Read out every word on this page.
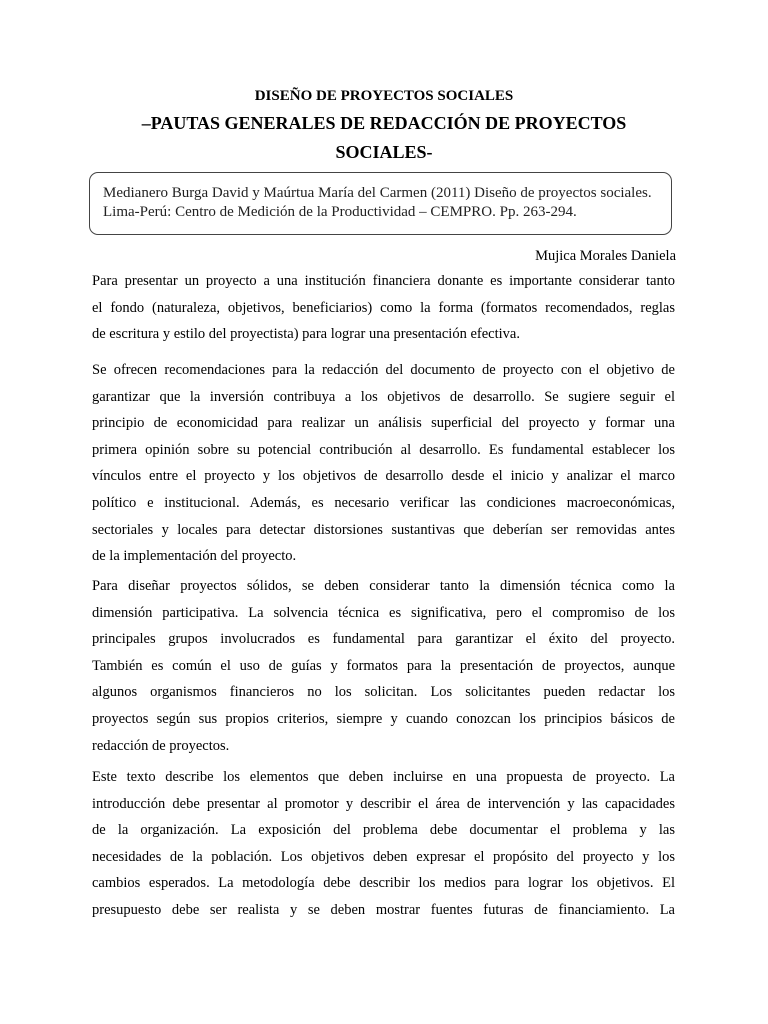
DISEÑO DE PROYECTOS SOCIALES
–PAUTAS GENERALES DE REDACCIÓN DE PROYECTOS
SOCIALES-
Medianero Burga David y Maúrtua María del Carmen (2011) Diseño de proyectos sociales.
Lima-Perú: Centro de Medición de la Productividad – CEMPRO. Pp. 263-294.
Mujica Morales Daniela
Para presentar un proyecto a una institución financiera donante es importante considerar tanto
el fondo (naturaleza, objetivos, beneficiarios) como la forma (formatos recomendados, reglas
de escritura y estilo del proyectista) para lograr una presentación efectiva.
Se ofrecen recomendaciones para la redacción del documento de proyecto con el objetivo de
garantizar que la inversión contribuya a los objetivos de desarrollo. Se sugiere seguir el
principio de economicidad para realizar un análisis superficial del proyecto y formar una
primera opinión sobre su potencial contribución al desarrollo. Es fundamental establecer los
vínculos entre el proyecto y los objetivos de desarrollo desde el inicio y analizar el marco
político e institucional. Además, es necesario verificar las condiciones macroeconómicas,
sectoriales y locales para detectar distorsiones sustantivas que deberían ser removidas antes
de la implementación del proyecto.
Para diseñar proyectos sólidos, se deben considerar tanto la dimensión técnica como la
dimensión participativa. La solvencia técnica es significativa, pero el compromiso de los
principales grupos involucrados es fundamental para garantizar el éxito del proyecto.
También es común el uso de guías y formatos para la presentación de proyectos, aunque
algunos organismos financieros no los solicitan. Los solicitantes pueden redactar los
proyectos según sus propios criterios, siempre y cuando conozcan los principios básicos de
redacción de proyectos.
Este texto describe los elementos que deben incluirse en una propuesta de proyecto. La
introducción debe presentar al promotor y describir el área de intervención y las capacidades
de la organización. La exposición del problema debe documentar el problema y las
necesidades de la población. Los objetivos deben expresar el propósito del proyecto y los
cambios esperados. La metodología debe describir los medios para lograr los objetivos. El
presupuesto debe ser realista y se deben mostrar fuentes futuras de financiamiento. La
